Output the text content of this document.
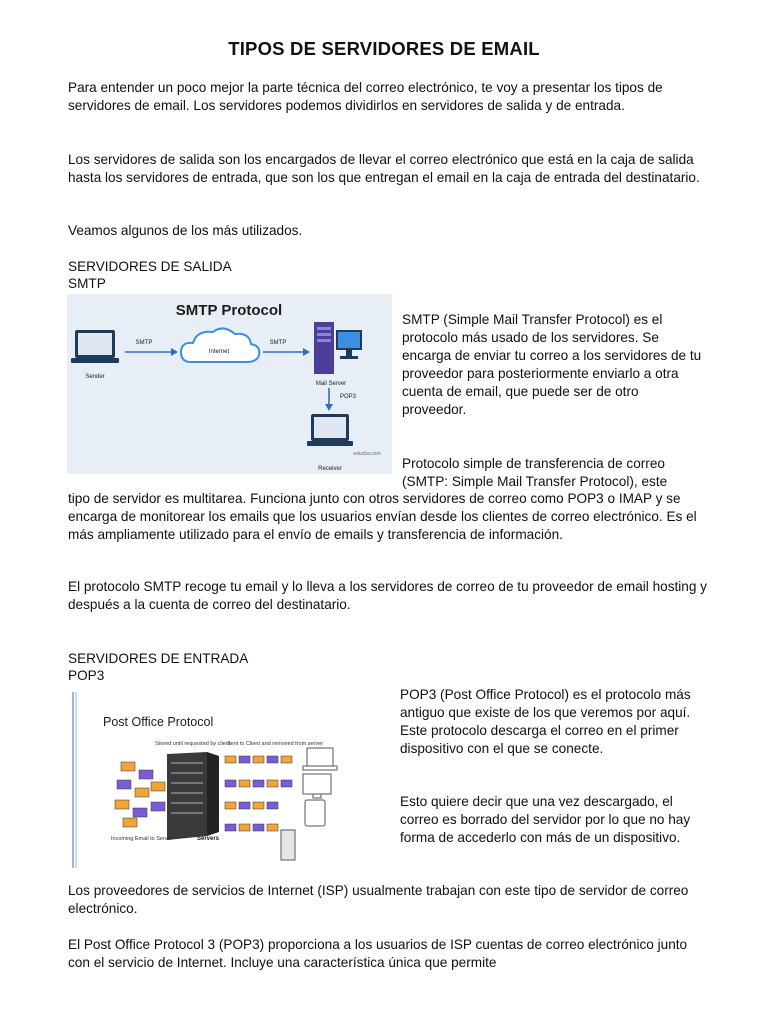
TIPOS DE SERVIDORES DE EMAIL

Para entender un poco mejor la parte técnica del correo electrónico, te voy a presentar los tipos de servidores de email. Los servidores podemos dividirlos en servidores de salida y de entrada.

Los servidores de salida son los encargados de llevar el correo electrónico que está en la caja de salida hasta los servidores de entrada, que son los que entregan el email en la caja de entrada del destinatario.

Veamos algunos de los más utilizados.

SERVIDORES DE SALIDA

SMTP

SMTP Protocol
Sender
SMTP
Internet
SMTP
Mail Server
POP3
Receiver
educba.com

SMTP (Simple Mail Transfer Protocol) es el protocolo más usado de los servidores. Se encarga de enviar tu correo a los servidores de tu proveedor para posteriormente enviarlo a otra cuenta de email, que puede ser de otro proveedor.

Protocolo simple de transferencia de correo (SMTP: Simple Mail Transfer Protocol), este

tipo de servidor es multitarea. Funciona junto con otros servidores de correo como POP3 o IMAP y se encarga de monitorear los emails que los usuarios envían desde los clientes de correo electrónico. Es el más ampliamente utilizado para el envío de emails y transferencia de información.

El protocolo SMTP recoge tu email y lo lleva a los servidores de correo de tu proveedor de email hosting y después a la cuenta de correo del destinatario.

SERVIDORES DE ENTRADA

POP3

Post Office Protocol
Stored until requested by client
Sent to Client and removed from server
Servers
Incoming Email to Server

POP3 (Post Office Protocol) es el protocolo más antiguo que existe de los que veremos por aquí. Este protocolo descarga el correo en el primer dispositivo con el que se conecte.

Esto quiere decir que una vez descargado, el correo es borrado del servidor por lo que no hay forma de accederlo con más de un dispositivo.

Los proveedores de servicios de Internet (ISP) usualmente trabajan con este tipo de servidor de correo electrónico.

El Post Office Protocol 3 (POP3) proporciona a los usuarios de ISP cuentas de correo electrónico junto con el servicio de Internet. Incluye una característica única que permite
